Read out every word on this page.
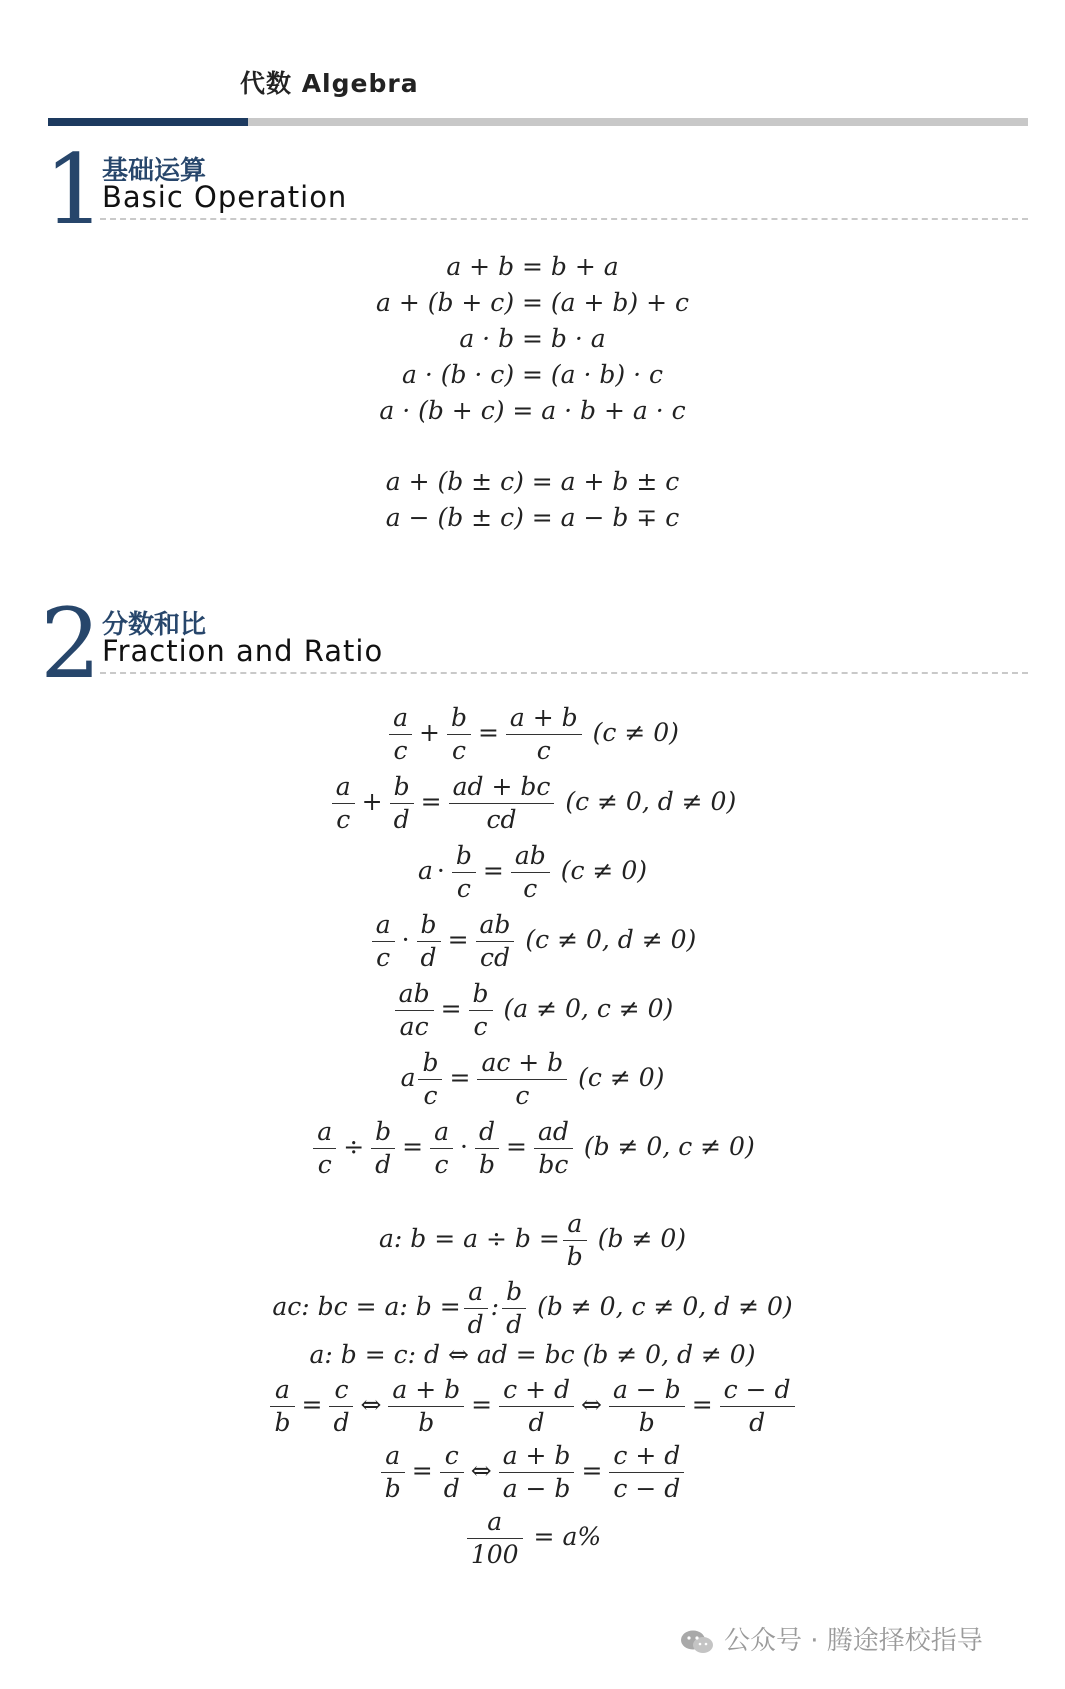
代数 Algebra
1
基础运算
Basic Operation
a + b = b + a
a + (b + c) = (a + b) + c
a · b = b · a
a · (b · c) = (a · b) · c
a · (b + c) = a · b + a · c
a + (b ± c) = a + b ± c
a − (b ± c) = a − b ∓ c
2 分数和比
Fraction and Ratio
$\frac{a}{c} + \frac{b}{c} = \frac{a + b}{c} (c \ne 0)$
$\frac{a}{c} + \frac{b}{d} = \frac{ad + bc}{cd} (c \ne 0$, d ≠ 0)
$a \cdot \frac{b}{c} = \frac{ab}{c} (c \ne 0)$
$\frac{a}{c} \cdot \frac{b}{d} = \frac{ab}{cd} (c \ne 0$, d ≠ 0)
$\frac{ab}{ac} = \frac{b}{c} (a \ne 0$, c ≠ 0)
a $\frac{b}{c} = \frac{ac + b}{c} (c \ne 0)$
$\frac{a}{c} \div \frac{b}{d} = \frac{a}{c} \cdot \frac{d}{b} = \frac{ad}{bc} (b \ne 0$, c ≠ 0)
a: $b = a \div b = \frac{a}{b} (b \ne 0)$
ac: bc = a: $b = \frac{a}{d}$ : $\frac{b}{d} (b \ne 0$, c ≠ 0, d ≠ 0)
a: b = c: d ⇔ ad = bc (b ≠ 0, d ≠ 0)
$\frac{a}{b} = \frac{c}{d}$ ⇔ $\frac{a + b}{b} = \frac{c + d}{d}$ ⇔ $\frac{a - b}{b} = \frac{c - d}{d}$
$\frac{a}{b} = \frac{c}{d}$ ⇔ $\frac{a + b}{a - b} = \frac{c + d}{c - d}$
$\frac{a}{100} = a\%$
公众号 · 腾途择校指导
